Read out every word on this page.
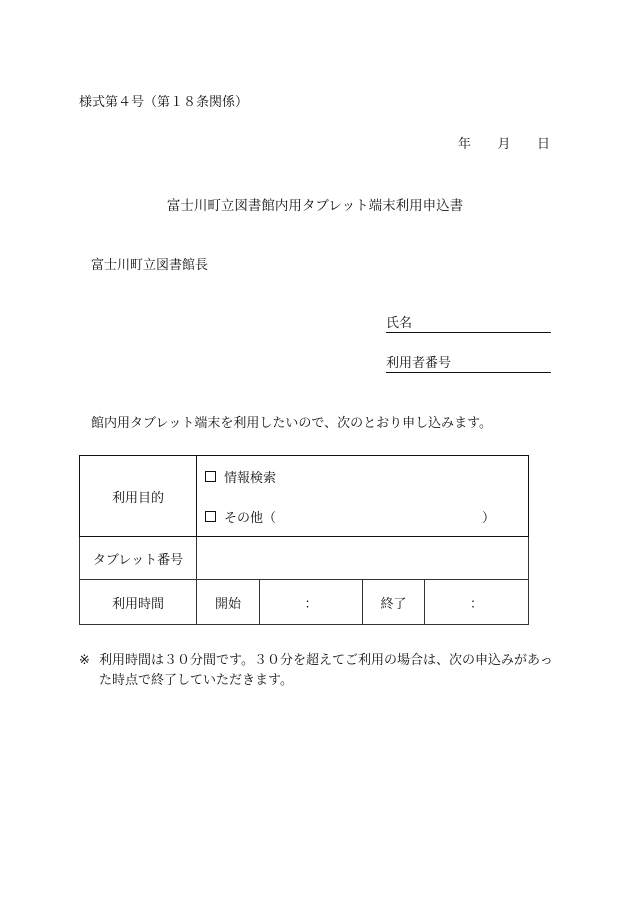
様式第４号（第１８条関係）
年 月 日
富士川町立図書館内用タブレット端末利用申込書
富士川町立図書館長
氏名
利用者番号
館内用タブレット端末を利用したいので、次のとおり申し込みます。
利用目的	情報検索
その他（ ）			

タブレット番号				
利用時間	開始	：	終了	：
※ 利用時間は３０分間です。３０分を超えてご利用の場合は、次の申込みがあっ
た時点で終了していただきます。
